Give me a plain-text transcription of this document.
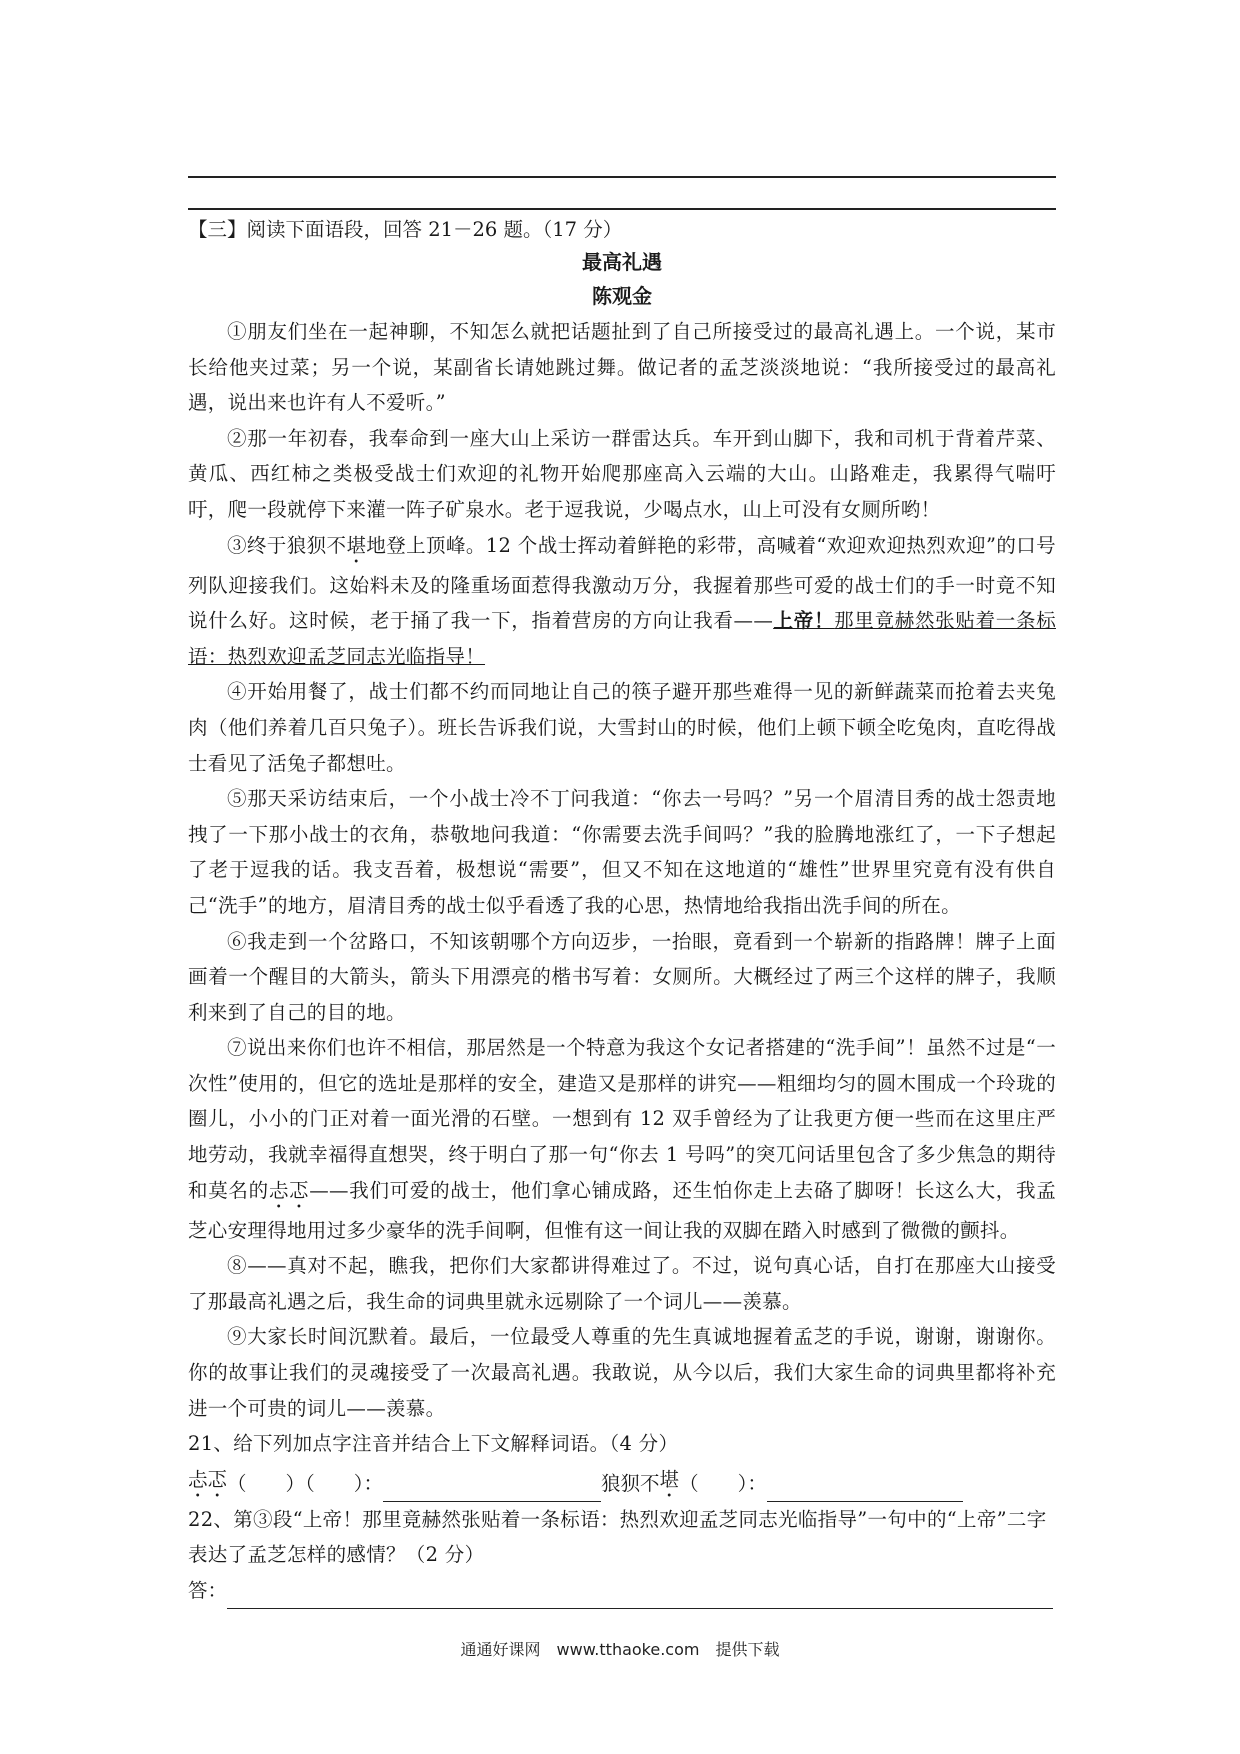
【三】阅读下面语段，回答 21－26 题。（17 分）
最高礼遇
陈观金

①朋友们坐在一起神聊，不知怎么就把话题扯到了自己所接受过的最高礼遇上。一个说，某市长给他夹过菜；另一个说，某副省长请她跳过舞。做记者的孟芝淡淡地说：“我所接受过的最高礼遇，说出来也许有人不爱听。”

②那一年初春，我奉命到一座大山上采访一群雷达兵。车开到山脚下，我和司机于背着芹菜、黄瓜、西红柿之类极受战士们欢迎的礼物开始爬那座高入云端的大山。山路难走，我累得气喘吁吁，爬一段就停下来灌一阵子矿泉水。老于逗我说，少喝点水，山上可没有女厕所哟！

③终于狼狈不堪地登上顶峰。12 个战士挥动着鲜艳的彩带，高喊着“欢迎欢迎热烈欢迎”的口号列队迎接我们。这始料未及的隆重场面惹得我激动万分，我握着那些可爱的战士们的手一时竟不知说什么好。这时候，老于捅了我一下，指着营房的方向让我看——上帝！那里竟赫然张贴着一条标语：热烈欢迎孟芝同志光临指导！

④开始用餐了，战士们都不约而同地让自己的筷子避开那些难得一见的新鲜蔬菜而抢着去夹兔肉（他们养着几百只兔子）。班长告诉我们说，大雪封山的时候，他们上顿下顿全吃兔肉，直吃得战士看见了活兔子都想吐。

⑤那天采访结束后，一个小战士冷不丁问我道：“你去一号吗？”另一个眉清目秀的战士怨责地拽了一下那小战士的衣角，恭敬地问我道：“你需要去洗手间吗？”我的脸腾地涨红了，一下子想起了老于逗我的话。我支吾着，极想说“需要”，但又不知在这地道的“雄性”世界里究竟有没有供自己“洗手”的地方，眉清目秀的战士似乎看透了我的心思，热情地给我指出洗手间的所在。

⑥我走到一个岔路口，不知该朝哪个方向迈步，一抬眼，竟看到一个崭新的指路牌！牌子上面画着一个醒目的大箭头，箭头下用漂亮的楷书写着：女厕所。大概经过了两三个这样的牌子，我顺利来到了自己的目的地。

⑦说出来你们也许不相信，那居然是一个特意为我这个女记者搭建的“洗手间”！虽然不过是“一次性”使用的，但它的选址是那样的安全，建造又是那样的讲究——粗细均匀的圆木围成一个玲珑的圈儿，小小的门正对着一面光滑的石壁。一想到有 12 双手曾经为了让我更方便一些而在这里庄严地劳动，我就幸福得直想哭，终于明白了那一句“你去 1 号吗”的突兀问话里包含了多少焦急的期待和莫名的忐忑——我们可爱的战士，他们拿心铺成路，还生怕你走上去硌了脚呀！长这么大，我孟芝心安理得地用过多少豪华的洗手间啊，但惟有这一间让我的双脚在踏入时感到了微微的颤抖。

⑧——真对不起，瞧我，把你们大家都讲得难过了。不过，说句真心话，自打在那座大山接受了那最高礼遇之后，我生命的词典里就永远剔除了一个词儿——羡慕。

⑨大家长时间沉默着。最后，一位最受人尊重的先生真诚地握着孟芝的手说，谢谢，谢谢你。你的故事让我们的灵魂接受了一次最高礼遇。我敢说，从今以后，我们大家生命的词典里都将补充进一个可贵的词儿——羡慕。

21、给下列加点字注音并结合上下文解释词语。（4 分）

忐忑 （　　）（　　）：	狼狈不 堪 （　　）：

22、第③段“上帝！那里竟赫然张贴着一条标语：热烈欢迎孟芝同志光临指导”一句中的“上帝”二字表达了孟芝怎样的感情？（2 分）

答：
通通好课网　www.tthaoke.com　提供下载
